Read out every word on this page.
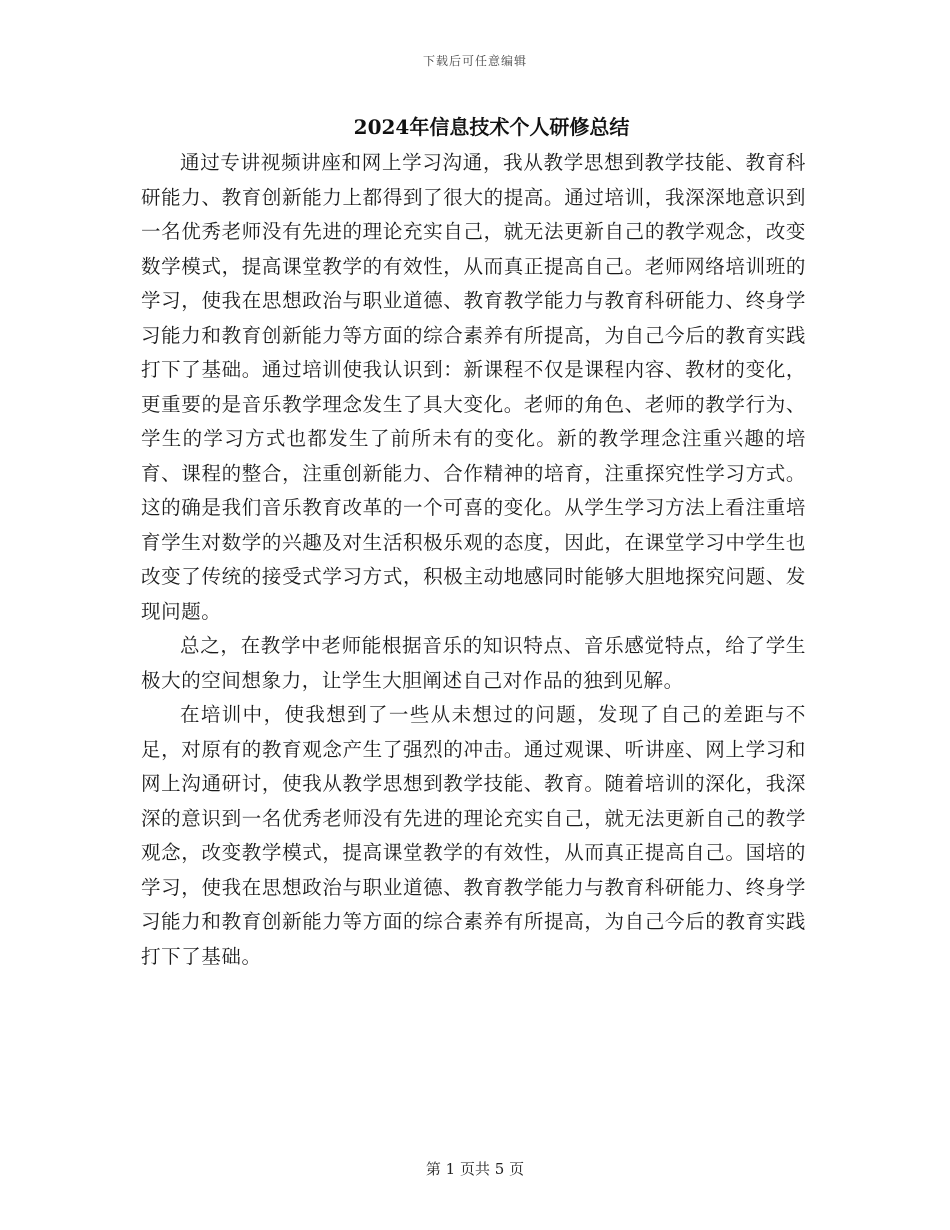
下载后可任意编辑
2024年信息技术个人研修总结

通过专讲视频讲座和网上学习沟通，我从教学思想到教学技能、教育科研能力、教育创新能力上都得到了很大的提高。通过培训，我深深地意识到一名优秀老师没有先进的理论充实自己，就无法更新自己的教学观念，改变数学模式，提高课堂教学的有效性，从而真正提高自己。老师网络培训班的学习，使我在思想政治与职业道德、教育教学能力与教育科研能力、终身学习能力和教育创新能力等方面的综合素养有所提高，为自己今后的教育实践打下了基础。通过培训使我认识到：新课程不仅是课程内容、教材的变化，更重要的是音乐教学理念发生了具大变化。老师的角色、老师的教学行为、学生的学习方式也都发生了前所未有的变化。新的教学理念注重兴趣的培育、课程的整合，注重创新能力、合作精神的培育，注重探究性学习方式。这的确是我们音乐教育改革的一个可喜的变化。从学生学习方法上看注重培育学生对数学的兴趣及对生活积极乐观的态度，因此，在课堂学习中学生也改变了传统的接受式学习方式，积极主动地感同时能够大胆地探究问题、发现问题。

总之，在教学中老师能根据音乐的知识特点、音乐感觉特点，给了学生极大的空间想象力，让学生大胆阐述自己对作品的独到见解。

在培训中，使我想到了一些从未想过的问题，发现了自己的差距与不足，对原有的教育观念产生了强烈的冲击。通过观课、听讲座、网上学习和网上沟通研讨，使我从教学思想到教学技能、教育。随着培训的深化，我深深的意识到一名优秀老师没有先进的理论充实自己，就无法更新自己的教学观念，改变教学模式，提高课堂教学的有效性，从而真正提高自己。国培的学习，使我在思想政治与职业道德、教育教学能力与教育科研能力、终身学习能力和教育创新能力等方面的综合素养有所提高，为自己今后的教育实践打下了基础。

第 1 页共 5 页
